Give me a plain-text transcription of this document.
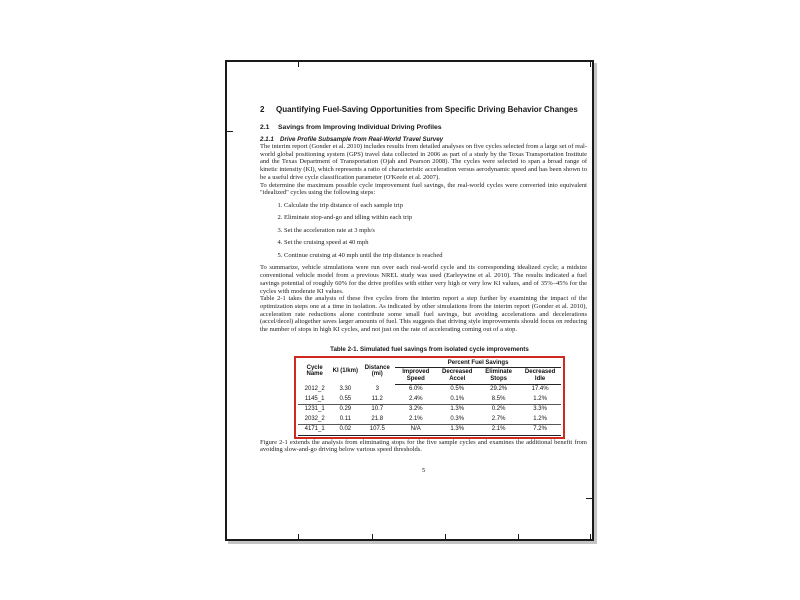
2	Quantifying Fuel-Saving Opportunities from Specific Driving Behavior Changes
2.1	Savings from Improving Individual Driving Profiles
2.1.1	Drive Profile Subsample from Real-World Travel Survey

The interim report (Gonder et al. 2010) includes results from detailed analyses on five cycles selected from a large set of real-world global positioning system (GPS) travel data collected in 2006 as part of a study by the Texas Transportation Institute and the Texas Department of Transportation (Ojah and Pearson 2008). The cycles were selected to span a broad range of kinetic intensity (KI), which represents a ratio of characteristic acceleration versus aerodynamic speed and has been shown to be a useful drive cycle classification parameter (O'Keefe et al. 2007).

To determine the maximum possible cycle improvement fuel savings, the real-world cycles were converted into equivalent "idealized" cycles using the following steps:

1. Calculate the trip distance of each sample trip
2. Eliminate stop-and-go and idling within each trip
3. Set the acceleration rate at 3 mph/s
4. Set the cruising speed at 40 mph
5. Continue cruising at 40 mph until the trip distance is reached

To summarize, vehicle simulations were run over each real-world cycle and its corresponding idealized cycle; a midsize conventional vehicle model from a previous NREL study was used (Earleywine et al. 2010). The results indicated a fuel savings potential of roughly 60% for the drive profiles with either very high or very low KI values, and of 35%–45% for the cycles with moderate KI values.

Table 2-1 takes the analysis of these five cycles from the interim report a step further by examining the impact of the optimization steps one at a time in isolation. As indicated by other simulations from the interim report (Gonder et al. 2010), acceleration rate reductions alone contribute some small fuel savings, but avoiding accelerations and decelerations (accel/decel) altogether saves larger amounts of fuel. This suggests that driving style improvements should focus on reducing the number of stops in high KI cycles, and not just on the rate of accelerating coming out of a stop.

Table 2-1. Simulated fuel savings from isolated cycle improvements
Cycle Name	KI (1/km)	Distance (mi)	Percent Fuel Savings			
			Improved Speed	Decreased Accel	Eliminate Stops	Decreased Idle
2012_2	3.30	3	6.0%	0.5%	29.2%	17.4%
1145_1	0.55	11.2	2.4%	0.1%	8.5%	1.2%
1231_1	0.29	10.7	3.2%	1.3%	0.2%	3.3%
2032_2	0.11	21.8	2.1%	0.3%	2.7%	1.2%
4171_1	0.02	107.5	N/A	1.3%	2.1%	7.2%

Figure 2-1 extends the analysis from eliminating stops for the five sample cycles and examines the additional benefit from avoiding slow-and-go driving below various speed thresholds.

5
